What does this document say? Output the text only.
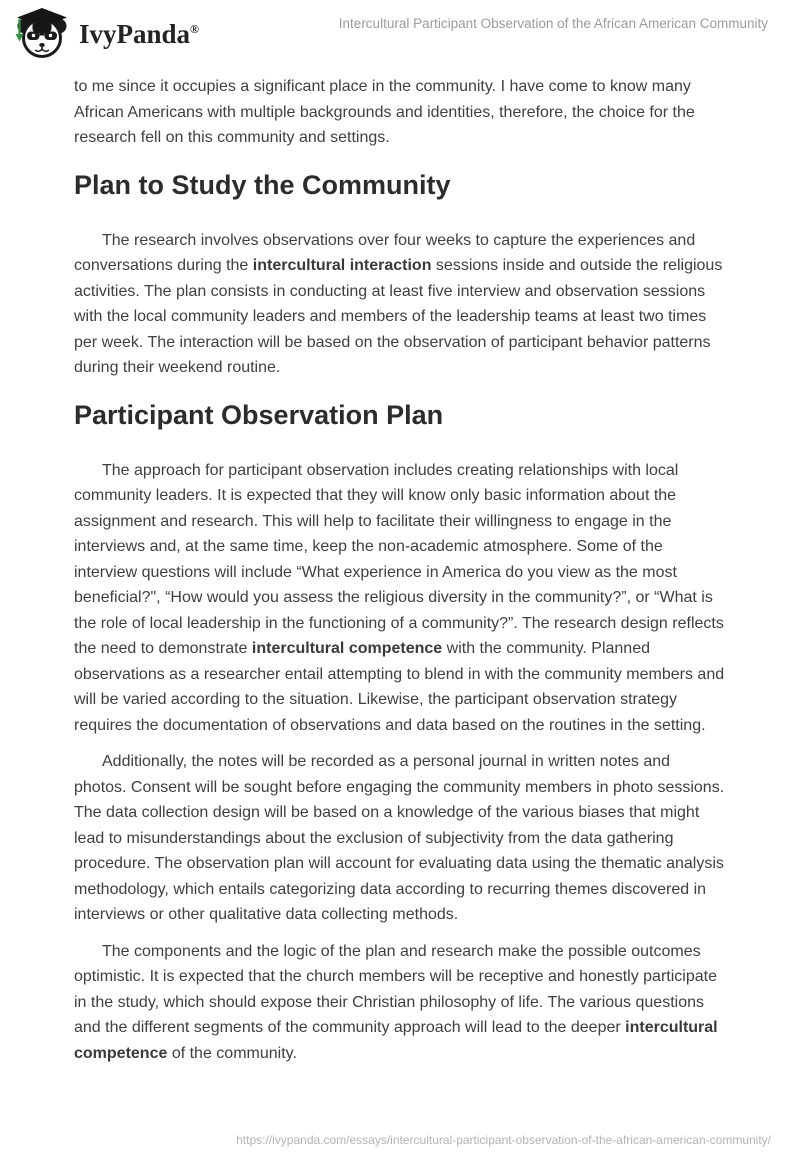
IvyPanda®	Intercultural Participant Observation of the African American Community

to me since it occupies a significant place in the community. I have come to know many African Americans with multiple backgrounds and identities, therefore, the choice for the research fell on this community and settings.

Plan to Study the Community

The research involves observations over four weeks to capture the experiences and conversations during the intercultural interaction sessions inside and outside the religious activities. The plan consists in conducting at least five interview and observation sessions with the local community leaders and members of the leadership teams at least two times per week. The interaction will be based on the observation of participant behavior patterns during their weekend routine.

Participant Observation Plan

The approach for participant observation includes creating relationships with local community leaders. It is expected that they will know only basic information about the assignment and research. This will help to facilitate their willingness to engage in the interviews and, at the same time, keep the non-academic atmosphere. Some of the interview questions will include “What experience in America do you view as the most beneficial?", “How would you assess the religious diversity in the community?”, or “What is the role of local leadership in the functioning of a community?”. The research design reflects the need to demonstrate intercultural competence with the community. Planned observations as a researcher entail attempting to blend in with the community members and will be varied according to the situation. Likewise, the participant observation strategy requires the documentation of observations and data based on the routines in the setting.

Additionally, the notes will be recorded as a personal journal in written notes and photos. Consent will be sought before engaging the community members in photo sessions. The data collection design will be based on a knowledge of the various biases that might lead to misunderstandings about the exclusion of subjectivity from the data gathering procedure. The observation plan will account for evaluating data using the thematic analysis methodology, which entails categorizing data according to recurring themes discovered in interviews or other qualitative data collecting methods.

The components and the logic of the plan and research make the possible outcomes optimistic. It is expected that the church members will be receptive and honestly participate in the study, which should expose their Christian philosophy of life. The various questions and the different segments of the community approach will lead to the deeper intercultural competence of the community.

https://ivypanda.com/essays/intercultural-participant-observation-of-the-african-american-community/
